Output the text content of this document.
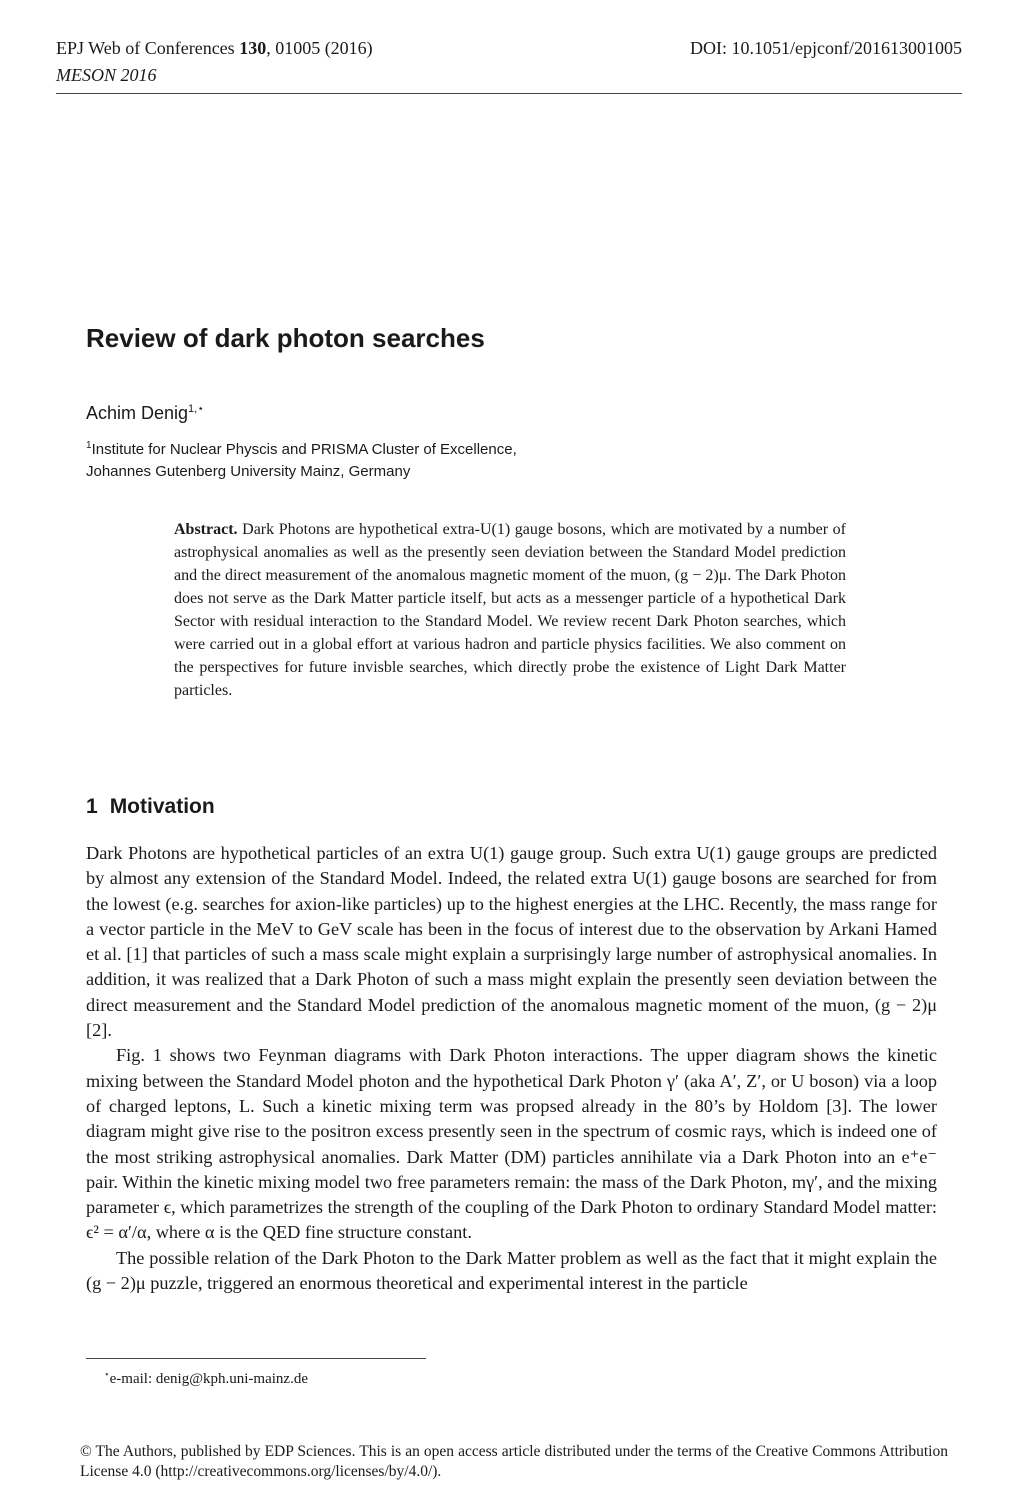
EPJ Web of Conferences 130, 01005 (2016)	DOI: 10.1051/epjconf/201613001005
MESON 2016
Review of dark photon searches
Achim Denig$^{1,⋆}$
$^1$Institute for Nuclear Physcis and PRISMA Cluster of Excellence,
Johannes Gutenberg University Mainz, Germany

Abstract. Dark Photons are hypothetical extra-U(1) gauge bosons, which are motivated by a number of astrophysical anomalies as well as the presently seen deviation between the Standard Model prediction and the direct measurement of the anomalous magnetic moment of the muon, (g − 2)μ. The Dark Photon does not serve as the Dark Matter particle itself, but acts as a messenger particle of a hypothetical Dark Sector with residual interaction to the Standard Model. We review recent Dark Photon searches, which were carried out in a global effort at various hadron and particle physics facilities. We also comment on the perspectives for future invisble searches, which directly probe the existence of Light Dark Matter particles.

1 Motivation

Dark Photons are hypothetical particles of an extra U(1) gauge group. Such extra U(1) gauge groups are predicted by almost any extension of the Standard Model. Indeed, the related extra U(1) gauge bosons are searched for from the lowest (e.g. searches for axion-like particles) up to the highest energies at the LHC. Recently, the mass range for a vector particle in the MeV to GeV scale has been in the focus of interest due to the observation by Arkani Hamed et al. [1] that particles of such a mass scale might explain a surprisingly large number of astrophysical anomalies. In addition, it was realized that a Dark Photon of such a mass might explain the presently seen deviation between the direct measurement and the Standard Model prediction of the anomalous magnetic moment of the muon, (g − 2)μ [2].

Fig. 1 shows two Feynman diagrams with Dark Photon interactions. The upper diagram shows the kinetic mixing between the Standard Model photon and the hypothetical Dark Photon γ′ (aka A′, Z′, or U boson) via a loop of charged leptons, L. Such a kinetic mixing term was propsed already in the 80’s by Holdom [3]. The lower diagram might give rise to the positron excess presently seen in the spectrum of cosmic rays, which is indeed one of the most striking astrophysical anomalies. Dark Matter (DM) particles annihilate via a Dark Photon into an e⁺e⁻ pair. Within the kinetic mixing model two free parameters remain: the mass of the Dark Photon, mγ′, and the mixing parameter ϵ, which parametrizes the strength of the coupling of the Dark Photon to ordinary Standard Model matter: ϵ² = α′/α, where α is the QED fine structure constant.

The possible relation of the Dark Photon to the Dark Matter problem as well as the fact that it might explain the (g − 2)μ puzzle, triggered an enormous theoretical and experimental interest in the particle

⋆e-mail: denig@kph.uni-mainz.de
© The Authors, published by EDP Sciences. This is an open access article distributed under the terms of the Creative Commons Attribution License 4.0 (http://creativecommons.org/licenses/by/4.0/).
